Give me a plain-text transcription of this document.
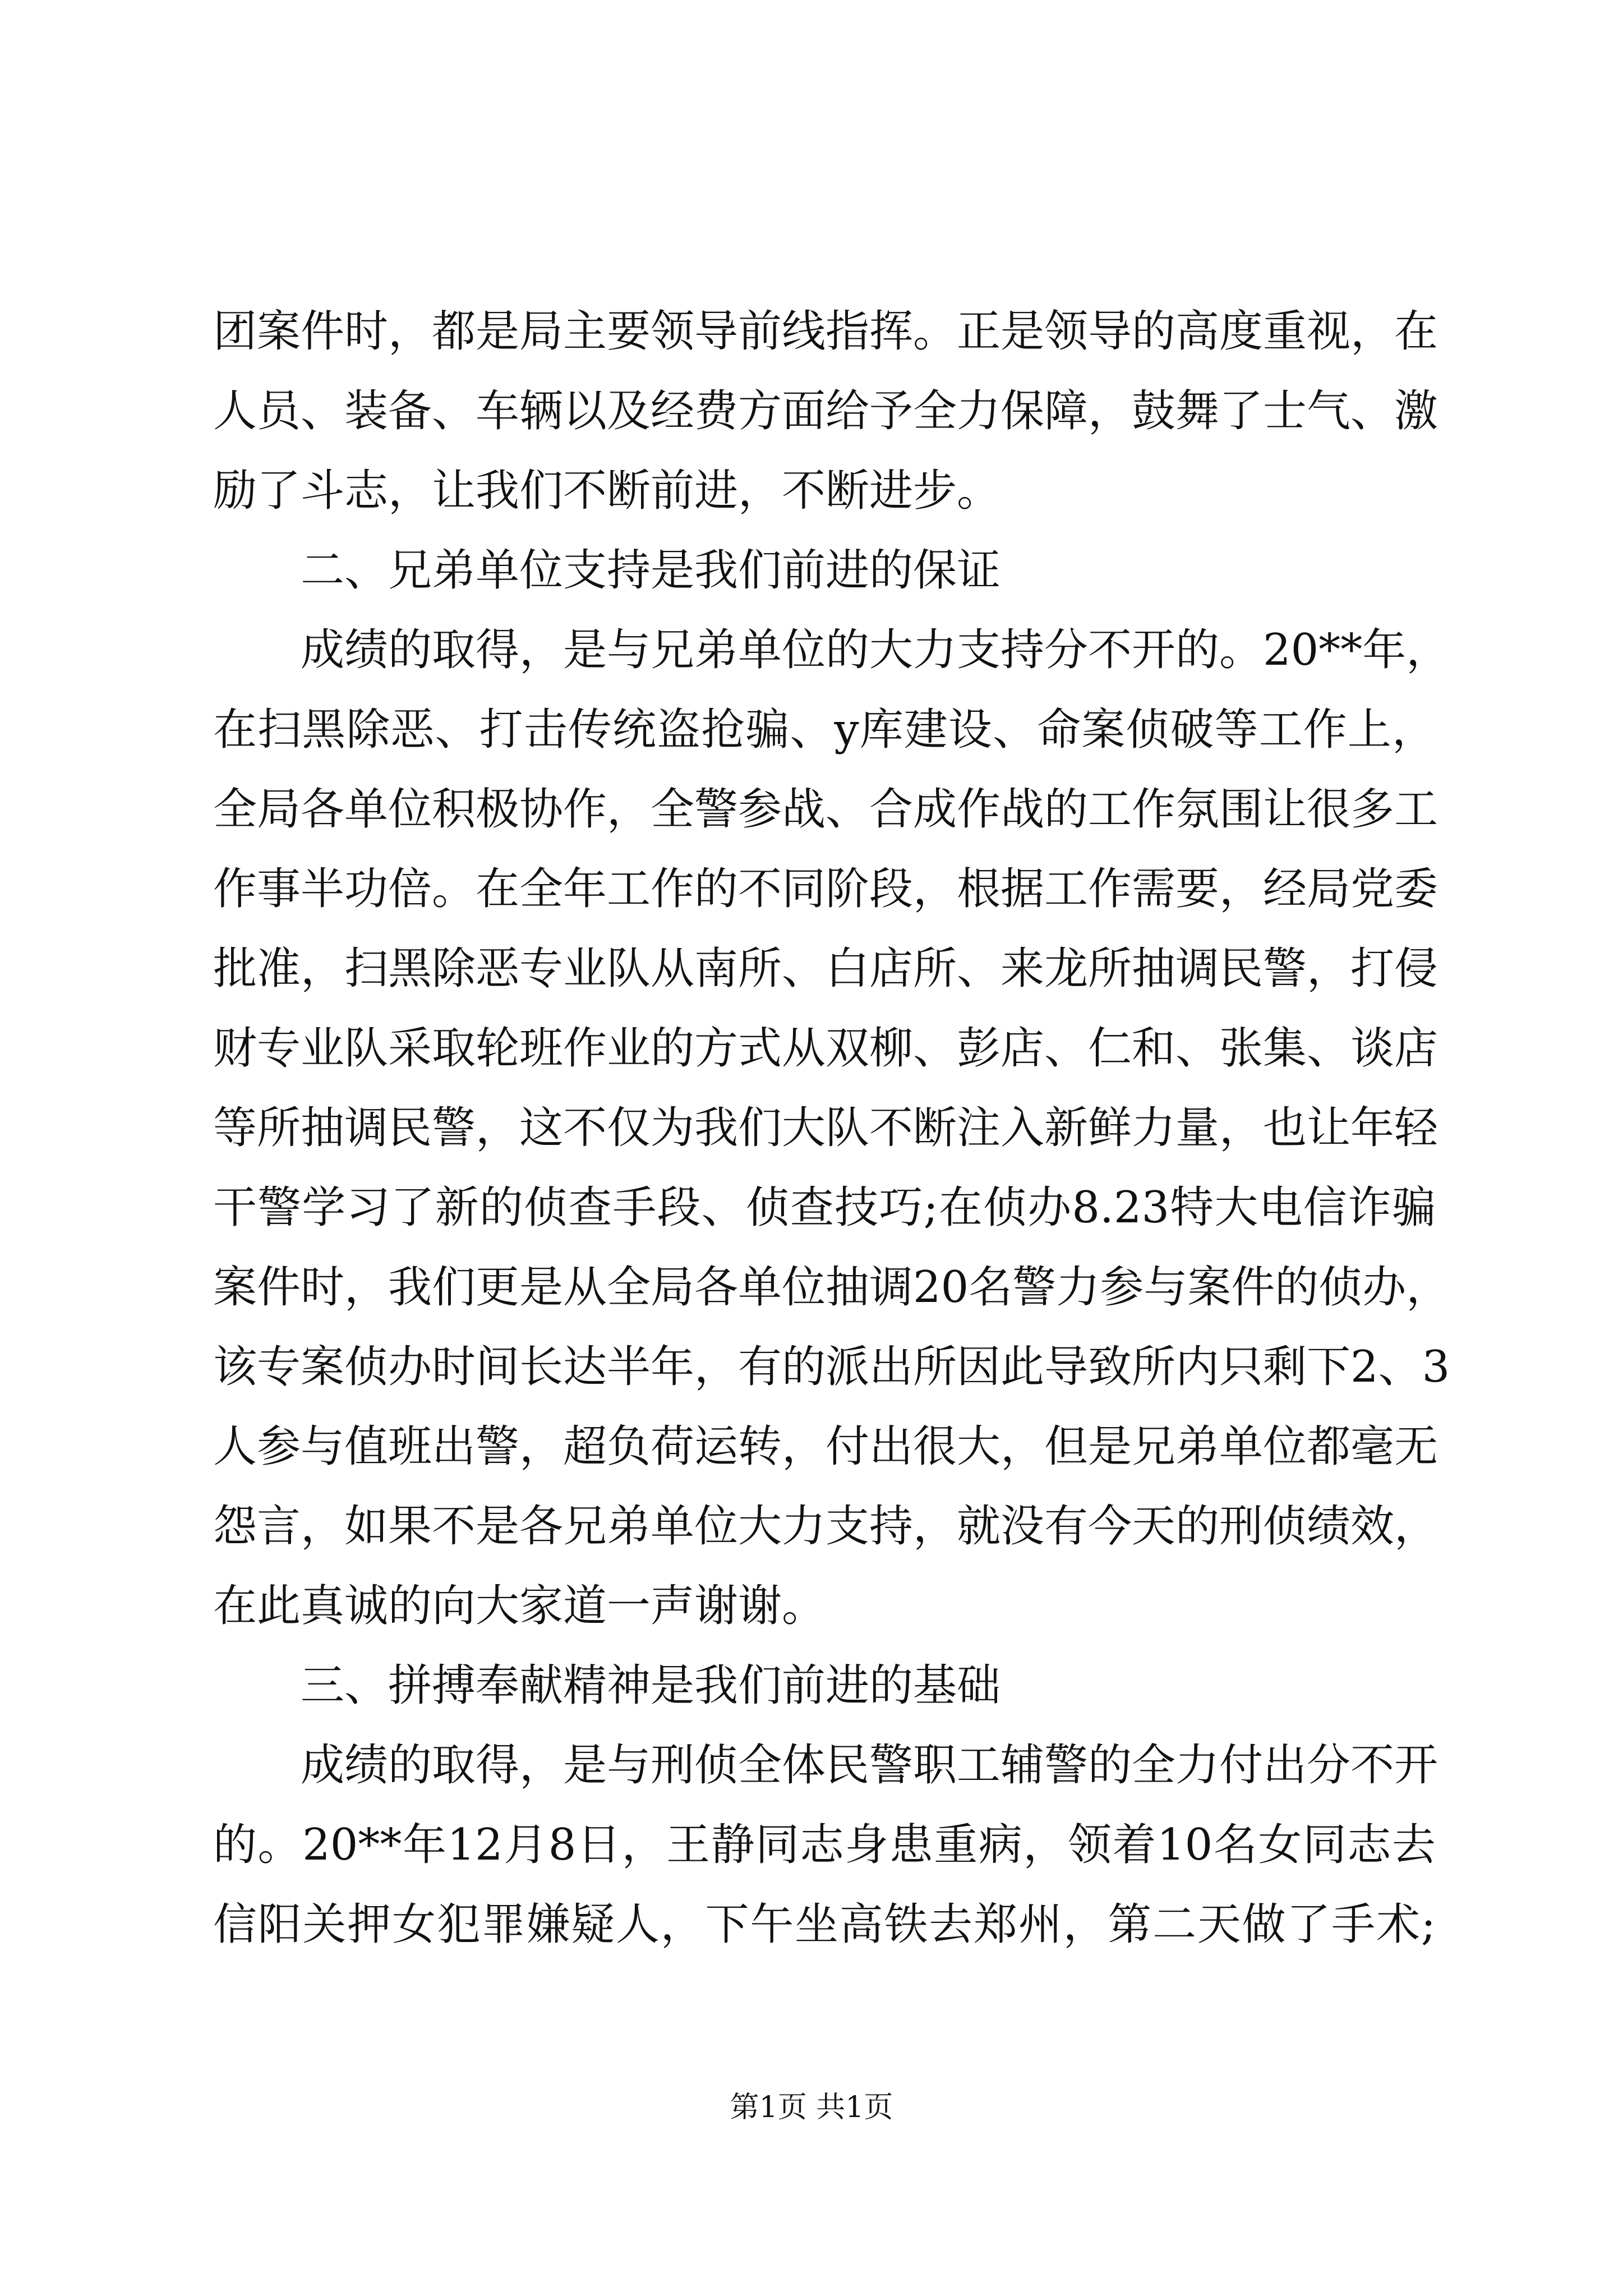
团案件时，都是局主要领导前线指挥。正是领导的高度重视，在
人员、装备、车辆以及经费方面给予全力保障，鼓舞了士气、激
励了斗志，让我们不断前进，不断进步。
二、兄弟单位支持是我们前进的保证
成绩的取得，是与兄弟单位的大力支持分不开的。20**年，
在扫黑除恶、打击传统盗抢骗、y库建设、命案侦破等工作上，
全局各单位积极协作，全警参战、合成作战的工作氛围让很多工
作事半功倍。在全年工作的不同阶段，根据工作需要，经局党委
批准，扫黑除恶专业队从南所、白店所、来龙所抽调民警，打侵
财专业队采取轮班作业的方式从双柳、彭店、仁和、张集、谈店
等所抽调民警，这不仅为我们大队不断注入新鲜力量，也让年轻
干警学习了新的侦查手段、侦查技巧;在侦办8.23特大电信诈骗
案件时，我们更是从全局各单位抽调20名警力参与案件的侦办，
该专案侦办时间长达半年，有的派出所因此导致所内只剩下2、3
人参与值班出警，超负荷运转，付出很大，但是兄弟单位都毫无
怨言，如果不是各兄弟单位大力支持，就没有今天的刑侦绩效，
在此真诚的向大家道一声谢谢。
三、拼搏奉献精神是我们前进的基础
成绩的取得，是与刑侦全体民警职工辅警的全力付出分不开
的。20**年12月8日，王静同志身患重病，领着10名女同志去
信阳关押女犯罪嫌疑人，下午坐高铁去郑州，第二天做了手术;
第1页 共1页
